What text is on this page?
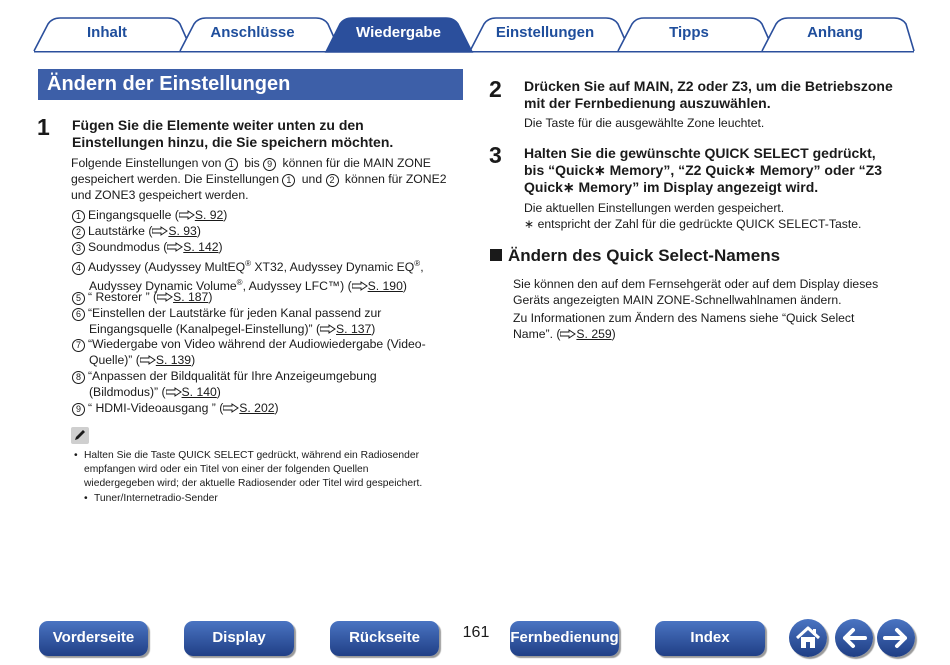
Inhalt	Anschlüsse	Wiedergabe	Einstellungen	Tipps	Anhang
Ändern der Einstellungen
1 Fügen Sie die Elemente weiter unten zu den
Einstellungen hinzu, die Sie speichern möchten.
Folgende Einstellungen von 1 bis 9 können für die MAIN ZONE
gespeichert werden. Die Einstellungen 1 und 2 können für ZONE2
und ZONE3 gespeichert werden.
1 Eingangsquelle ( S. 92)
2 Lautstärke ( S. 93)
3 Soundmodus ( S. 142)
4 Audyssey (Audyssey MultEQ® XT32, Audyssey Dynamic EQ®,
Audyssey Dynamic Volume®, Audyssey LFC™) ( S. 190)
5 “ Restorer ” ( S. 187)
6 “Einstellen der Lautstärke für jeden Kanal passend zur
Eingangsquelle (Kanalpegel-Einstellung)” ( S. 137)
7 “Wiedergabe von Video während der Audiowiedergabe (Video-
Quelle)” ( S. 139)
8 “Anpassen der Bildqualität für Ihre Anzeigeumgebung
(Bildmodus)” ( S. 140)
9 “ HDMI-Videoausgang ” ( S. 202)
Halten Sie die Taste QUICK SELECT gedrückt, während ein Radiosender
empfangen wird oder ein Titel von einer der folgenden Quellen
wiedergegeben wird; der aktuelle Radiosender oder Titel wird gespeichert.
Tuner/Internetradio-Sender
2 Drücken Sie auf MAIN, Z2 oder Z3, um die Betriebszone
mit der Fernbedienung auszuwählen.
Die Taste für die ausgewählte Zone leuchtet.
3 Halten Sie die gewünschte QUICK SELECT gedrückt,
bis “Quick∗ Memory”, “Z2 Quick∗ Memory” oder “Z3
Quick∗ Memory” im Display angezeigt wird.
Die aktuellen Einstellungen werden gespeichert.
∗ entspricht der Zahl für die gedrückte QUICK SELECT-Taste.
Ändern des Quick Select-Namens
Sie können den auf dem Fernsehgerät oder auf dem Display dieses
Geräts angezeigten MAIN ZONE-Schnellwahlnamen ändern.
Zu Informationen zum Ändern des Namens siehe “Quick Select
Name”. ( S. 259)
Vorderseite	Display	Rückseite	161	Fernbedienung	Index
